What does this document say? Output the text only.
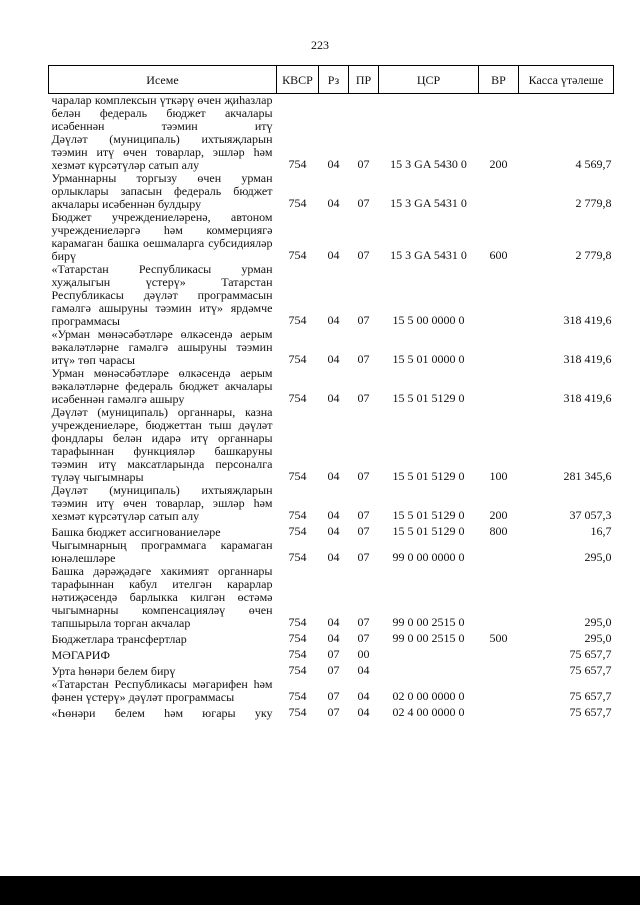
223
Исеме	КВСР	Рз	ПР	ЦСР	ВР	Касса үтәлеше
чаралар комплексын үткәрү өчен җиһазлар белән федераль бюджет акчалары исәбеннән тәэмин итү						
Дәүләт (муниципаль) ихтыяҗларын тәэмин итү өчен товарлар, эшләр һәм хезмәт күрсәтүләр сатып алу	754	04	07	15 3 GA 5430 0	200	4 569,7
Урманнарны торгызу өчен урман орлыклары запасын федераль бюджет акчалары исәбеннән булдыру	754	04	07	15 3 GA 5431 0		2 779,8
Бюджет учреждениеләренә, автоном учреждениеләргә һәм коммерциягә карамаган башка оешмаларга субсидияләр бирү	754	04	07	15 3 GA 5431 0	600	2 779,8
«Татарстан Республикасы урман хуҗалыгын үстерү» Татарстан Республикасы дәүләт программасын гамәлгә ашыруны тәэмин итү» ярдәмче программасы	754	04	07	15 5 00 0000 0		318 419,6
«Урман мөнәсәбәтләре өлкәсендә аерым вәкаләтләрне гамәлгә ашыруны тәэмин итү» төп чарасы	754	04	07	15 5 01 0000 0		318 419,6
Урман мөнәсәбәтләре өлкәсендә аерым вәкаләтләрне федераль бюджет акчалары исәбеннән гамәлгә ашыру	754	04	07	15 5 01 5129 0		318 419,6
Дәүләт (муниципаль) органнары, казна учреждениеләре, бюджеттан тыш дәүләт фондлары белән идарә итү органнары тарафыннан функцияләр башкаруны тәэмин итү максатларында персоналга түләү чыгымнары	754	04	07	15 5 01 5129 0	100	281 345,6
Дәүләт (муниципаль) ихтыяҗларын тәэмин итү өчен товарлар, эшләр һәм хезмәт күрсәтүләр сатып алу	754	04	07	15 5 01 5129 0	200	37 057,3
Башка бюджет ассигнованиеләре	754	04	07	15 5 01 5129 0	800	16,7
Чыгымнарның программага карамаган юнәлешләре	754	04	07	99 0 00 0000 0		295,0
Башка дәрәҗәдәге хакимият органнары тарафыннан кабул ителгән карарлар нәтиҗәсендә барлыкка килгән өстәмә чыгымнарны компенсацияләү өчен тапшырыла торган акчалар	754	04	07	99 0 00 2515 0		295,0
Бюджетлара трансфертлар	754	04	07	99 0 00 2515 0	500	295,0
МӘГАРИФ	754	07	00			75 657,7
Урта һөнәри белем бирү	754	07	04			75 657,7
«Татарстан Республикасы мәгарифен һәм фәнен үстерү» дәүләт программасы	754	07	04	02 0 00 0000 0		75 657,7
«Һөнәри белем һәм югары уку	754	07	04	02 4 00 0000 0		75 657,7
